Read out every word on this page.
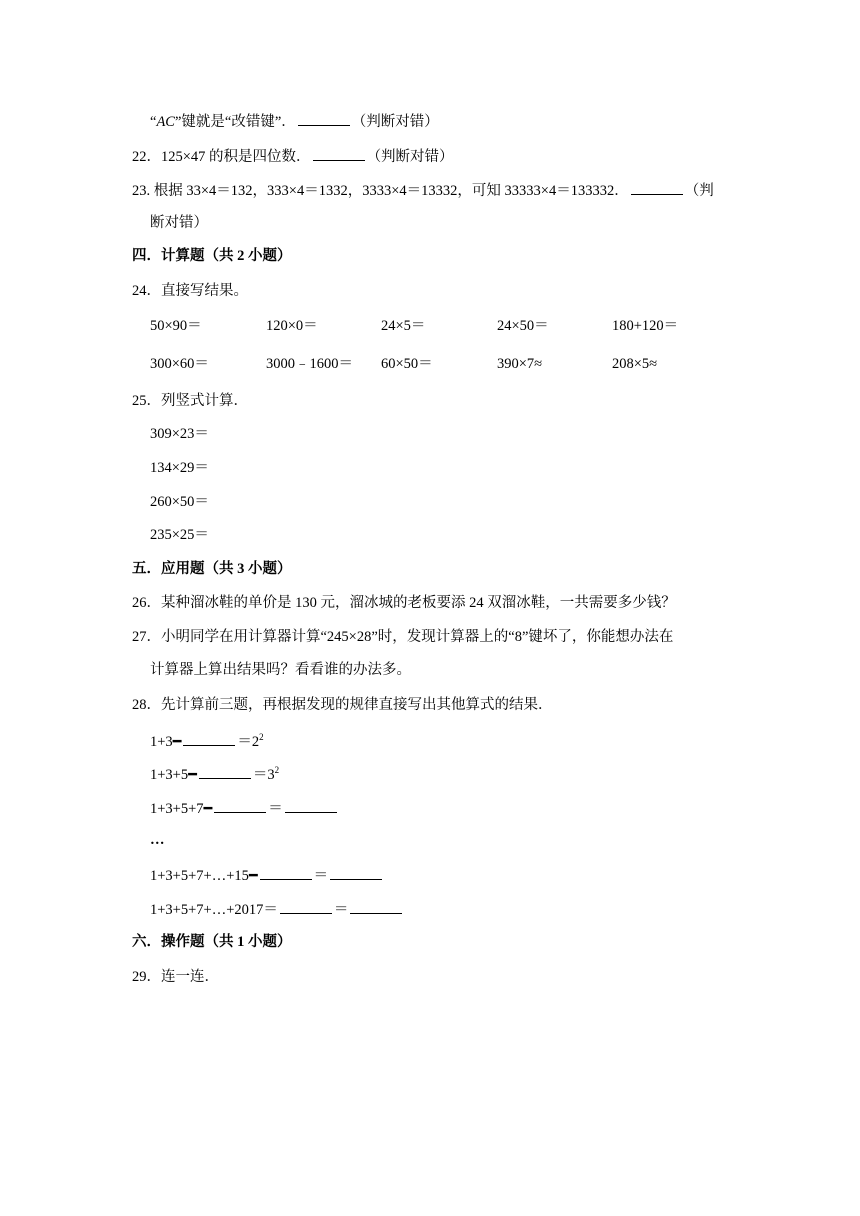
“AC”键就是“改错键”．	（判断对错）
22．125×47 的积是四位数．	（判断对错）
23. 根据 33×4＝132，333×4＝1332，3333×4＝13332，可知 33333×4＝133332．	（判
断对错）
四．计算题（共 2 小题）
24．直接写结果。
50×90＝	120×0＝	24×5＝	24×50＝	180+120＝
300×60＝	3000﹣1600＝ 60×50＝	390×7≈	208×5≈
25．列竖式计算．
309×23＝
134×29＝
260×50＝
235×25＝
五．应用题（共 3 小题）
26．某种溜冰鞋的单价是 130 元，溜冰城的老板要添 24 双溜冰鞋，一共需要多少钱？
27．小明同学在用计算器计算“245×28”时，发现计算器上的“8”键坏了，你能想办法在
计算器上算出结果吗？看看谁的办法多。
28．先计算前三题，再根据发现的规律直接写出其他算式的结果．
1+3━	$=2^2$
1+3+5━	$=3^2$
1+3+5+7━	＝
…
1+3+5+7+…+15━	＝
1+3+5+7+…+2017＝	＝
六．操作题（共 1 小题）
29．连一连．
